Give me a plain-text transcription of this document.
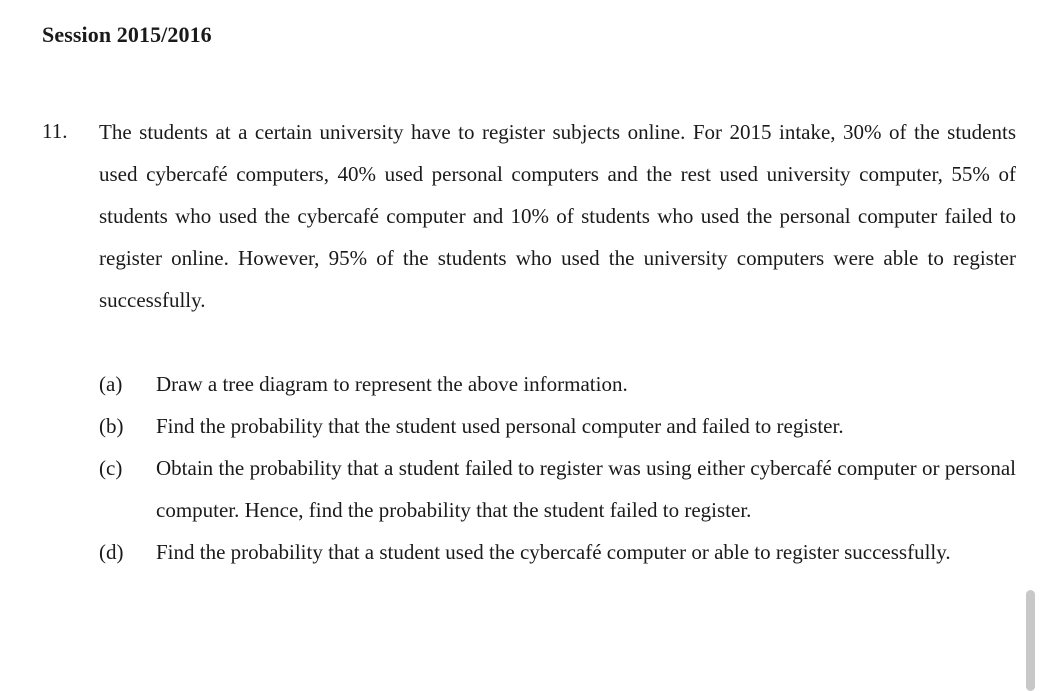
Session 2015/2016
11. The students at a certain university have to register subjects online. For 2015 intake, 30% of the students used cybercafé computers, 40% used personal computers and the rest used university computer, 55% of students who used the cybercafé computer and 10% of students who used the personal computer failed to register online. However, 95% of the students who used the university computers were able to register successfully.
(a)	Draw a tree diagram to represent the above information.
(b)	Find the probability that the student used personal computer and failed to register.
(c)	Obtain the probability that a student failed to register was using either cybercafé computer or personal computer. Hence, find the probability that the student failed to register.
(d)	Find the probability that a student used the cybercafé computer or able to register successfully.
